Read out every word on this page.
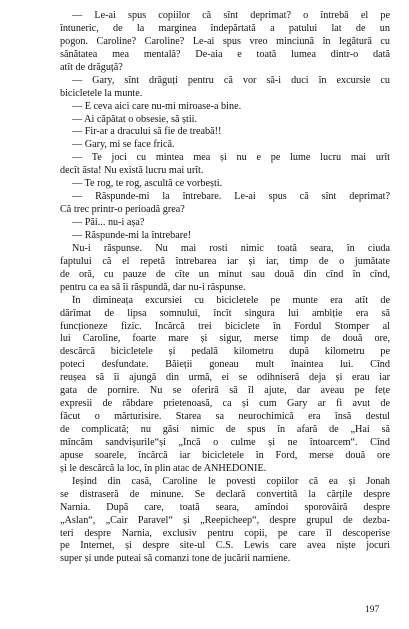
— Le-ai spus copiilor că sînt deprimat? o întrebă el pe
întuneric, de la marginea îndepărtată a patului lat de un
pogon. Caroline? Caroline? Le-ai spus vreo minciună în legătură cu
sănătatea mea mentală? De-aia e toată lumea dintr-o dată
atît de drăguță?
— Gary, sînt drăguți pentru că vor să-i duci în excursie cu
bicicletele la munte.
— E ceva aici care nu-mi miroase-a bine.
— Ai căpătat o obsesie, să știi.
— Fir-ar a dracului să fie de treabă!!
— Gary, mi se face frică.
— Te joci cu mintea mea și nu e pe lume lucru mai urît
decît ăsta! Nu există lucru mai urît.
— Te rog, te rog, ascultă ce vorbești.
— Răspunde-mi la întrebare. Le-ai spus că sînt deprimat?
Că trec printr-o perioadă grea?
— Păi... nu-i așa?
— Răspunde-mi la întrebare!
Nu-i răspunse. Nu mai rosti nimic toată seara, în ciuda
faptului că el repetă întrebarea iar și iar, timp de o jumătate
de oră, cu pauze de cîte un minut sau două din cînd în cînd,
pentru ca ea să îi răspundă, dar nu-i răspunse.
În dimineața excursiei cu bicicletele pe munte era atît de
dărîmat de lipsa somnului, încît singura lui ambiție era să
funcționeze fizic. Încărcă trei biciclete în Fordul Stomper al
lui Caroline, foarte mare și sigur, merse timp de două ore,
descărcă bicicletele și pedală kilometru după kilometru pe
poteci desfundate. Băieții goneau mult înaintea lui. Cînd
reușea să îi ajungă din urmă, ei se odihniseră deja și erau iar
gata de pornire. Nu se oferiră să îl ajute, dar aveau pe fețe
expresii de răbdare prietenoasă, ca și cum Gary ar fi avut de
făcut o mărturisire. Starea sa neurochimică era însă destul
de complicată; nu găsi nimic de spus în afară de „Hai să
mîncăm sandvișurile“și „Încă o culme și ne întoarcem“. Cînd
apuse soarele, încărcă iar bicicletele în Ford, merse două ore
și le descărcă la loc, în plin atac de ANHEDONIE.
Ieșind din casă, Caroline le povesti copiilor că ea și Jonah
se distraseră de minune. Se declară convertită la cărțile despre
Narnia. După care, toată seara, amîndoi sporovăiră despre
„Aslan“, „Cair Paravel“ și „Reepicheep“, despre grupul de dezba-
teri despre Narnia, exclusiv pentru copii, pe care îl descoperise
pe Internet, și despre site-ul C.S. Lewis care avea niște jocuri
super și unde puteai să comanzi tone de jucării narniene.
197
